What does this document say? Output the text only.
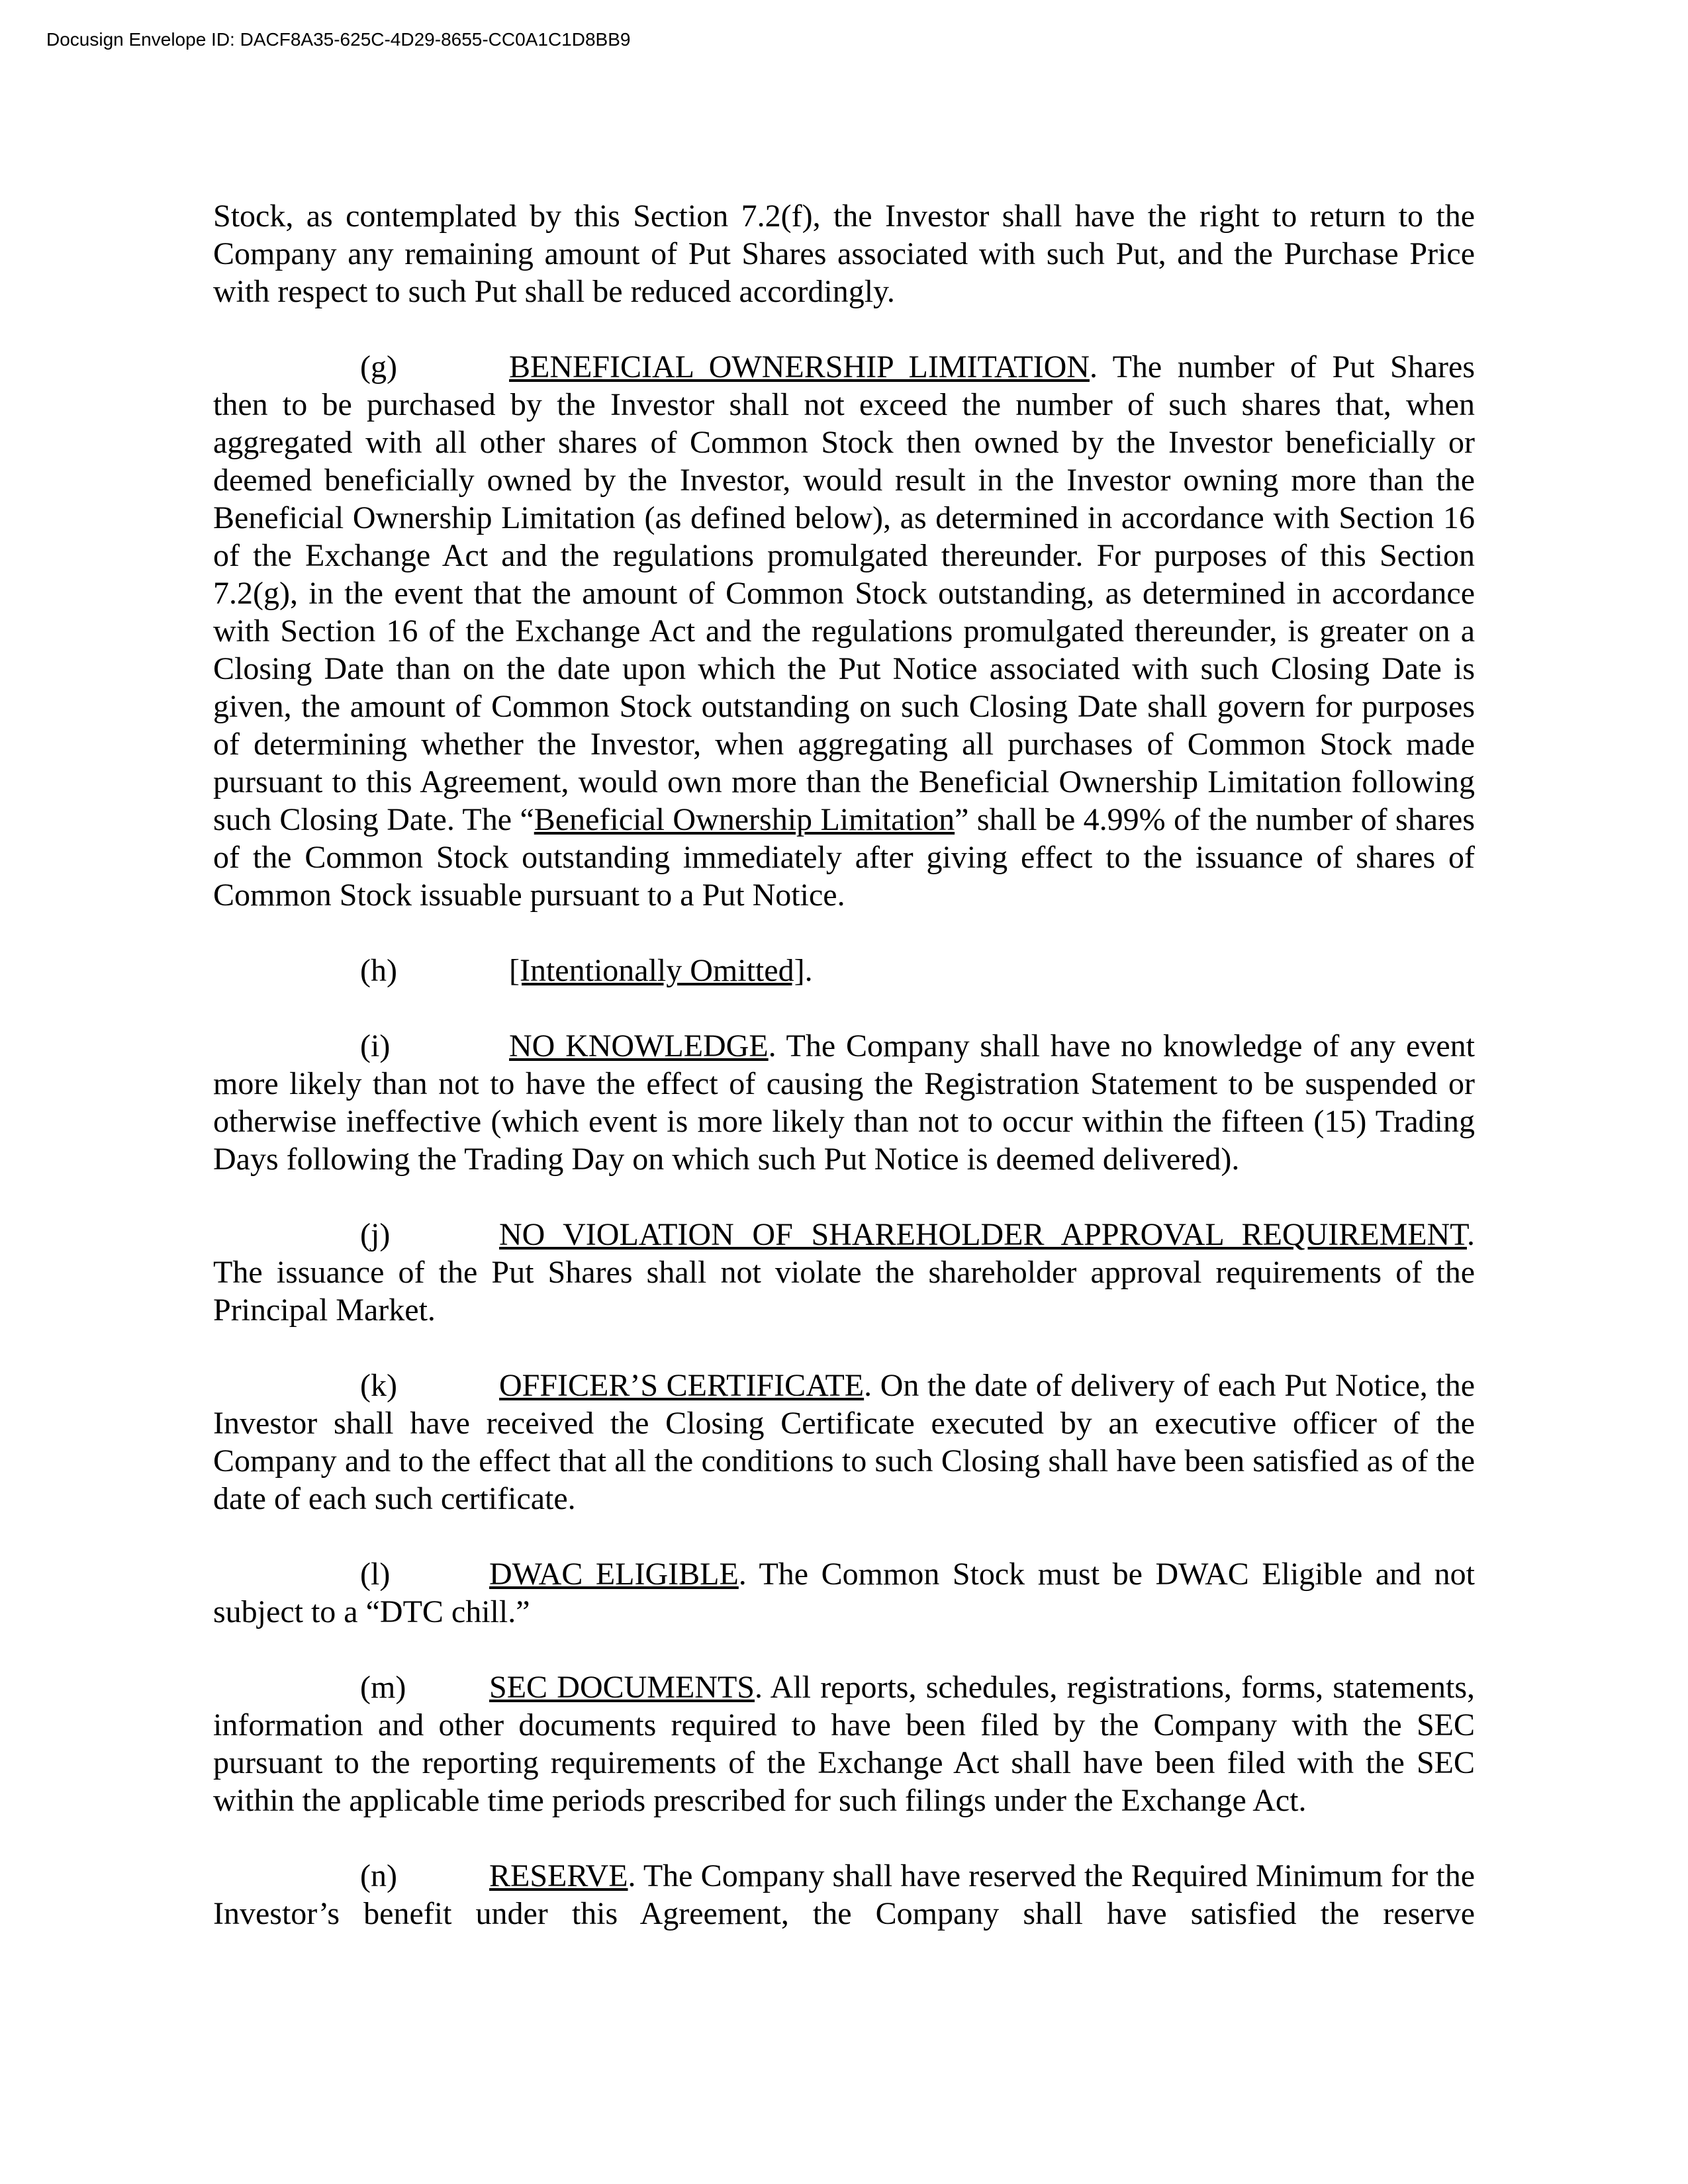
Docusign Envelope ID: DACF8A35-625C-4D29-8655-CC0A1C1D8BB9

Stock, as contemplated by this Section 7.2(f), the Investor shall have the right to return to the Company any remaining amount of Put Shares associated with such Put, and the Purchase Price with respect to such Put shall be reduced accordingly.

(g)	BENEFICIAL OWNERSHIP LIMITATION. The number of Put Shares then to be purchased by the Investor shall not exceed the number of such shares that, when aggregated with all other shares of Common Stock then owned by the Investor beneficially or deemed beneficially owned by the Investor, would result in the Investor owning more than the Beneficial Ownership Limitation (as defined below), as determined in accordance with Section 16 of the Exchange Act and the regulations promulgated thereunder. For purposes of this Section 7.2(g), in the event that the amount of Common Stock outstanding, as determined in accordance with Section 16 of the Exchange Act and the regulations promulgated thereunder, is greater on a Closing Date than on the date upon which the Put Notice associated with such Closing Date is given, the amount of Common Stock outstanding on such Closing Date shall govern for purposes of determining whether the Investor, when aggregating all purchases of Common Stock made pursuant to this Agreement, would own more than the Beneficial Ownership Limitation following such Closing Date. The “Beneficial Ownership Limitation” shall be 4.99% of the number of shares of the Common Stock outstanding immediately after giving effect to the issuance of shares of Common Stock issuable pursuant to a Put Notice.

(h)	[Intentionally Omitted].

(i)	NO KNOWLEDGE. The Company shall have no knowledge of any event more likely than not to have the effect of causing the Registration Statement to be suspended or otherwise ineffective (which event is more likely than not to occur within the fifteen (15) Trading Days following the Trading Day on which such Put Notice is deemed delivered).

(j)	NO VIOLATION OF SHAREHOLDER APPROVAL REQUIREMENT. The issuance of the Put Shares shall not violate the shareholder approval requirements of the Principal Market.

(k)	OFFICER’S CERTIFICATE. On the date of delivery of each Put Notice, the Investor shall have received the Closing Certificate executed by an executive officer of the Company and to the effect that all the conditions to such Closing shall have been satisfied as of the date of each such certificate.

(l)	DWAC ELIGIBLE. The Common Stock must be DWAC Eligible and not subject to a “DTC chill.”

(m)	SEC DOCUMENTS. All reports, schedules, registrations, forms, statements, information and other documents required to have been filed by the Company with the SEC pursuant to the reporting requirements of the Exchange Act shall have been filed with the SEC within the applicable time periods prescribed for such filings under the Exchange Act.

(n)	RESERVE. The Company shall have reserved the Required Minimum for the Investor’s benefit under this Agreement, the Company shall have satisfied the reserve
